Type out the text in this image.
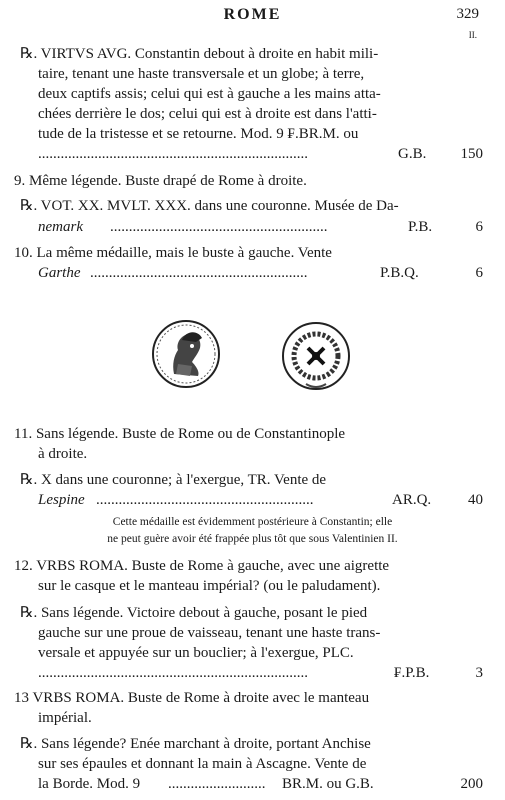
ROME	329
II.
℞. VIRTVS AVG. Constantin debout à droite en habit mili-
taire, tenant une haste transversale et un globe; à terre,
deux captifs assis; celui qui est à gauche a les mains atta-
chées derrière le dos; celui qui est à droite est dans l'atti-
tude de la tristesse et se retourne. Mod. 9 ₣.BR.M. ou
........................................................................	G.B. 150
9. Même légende. Buste drapé de Rome à droite.
℞. VOT. XX. MVLT. XXX. dans une couronne. Musée de Da-
nemark ..........................................................	P.B.	6
10. La même médaille, mais le buste à gauche. Vente
Garthe ..........................................................	P.B.Q.	6
11. Sans légende. Buste de Rome ou de Constantinople
à droite.
℞. X dans une couronne; à l'exergue, TR. Vente de
Lespine ..........................................................	AR.Q. 40
Cette médaille est évidemment postérieure à Constantin; elle
ne peut guère avoir été frappée plus tôt que sous Valentinien II.
12. VRBS ROMA. Buste de Rome à gauche, avec une aigrette
sur le casque et le manteau impérial? (ou le paludament).
℞. Sans légende. Victoire debout à gauche, posant le pied
gauche sur une proue de vaisseau, tenant une haste trans-
versale et appuyée sur un bouclier; à l'exergue, PLC.
........................................................................	₣.P.B.	3
13 VRBS ROMA. Buste de Rome à droite avec le manteau
impérial.
℞. Sans légende? Enée marchant à droite, portant Anchise
sur ses épaules et donnant la main à Ascagne. Vente de
la Borde. Mod. 9 .......................... BR.M. ou G.B.	200
